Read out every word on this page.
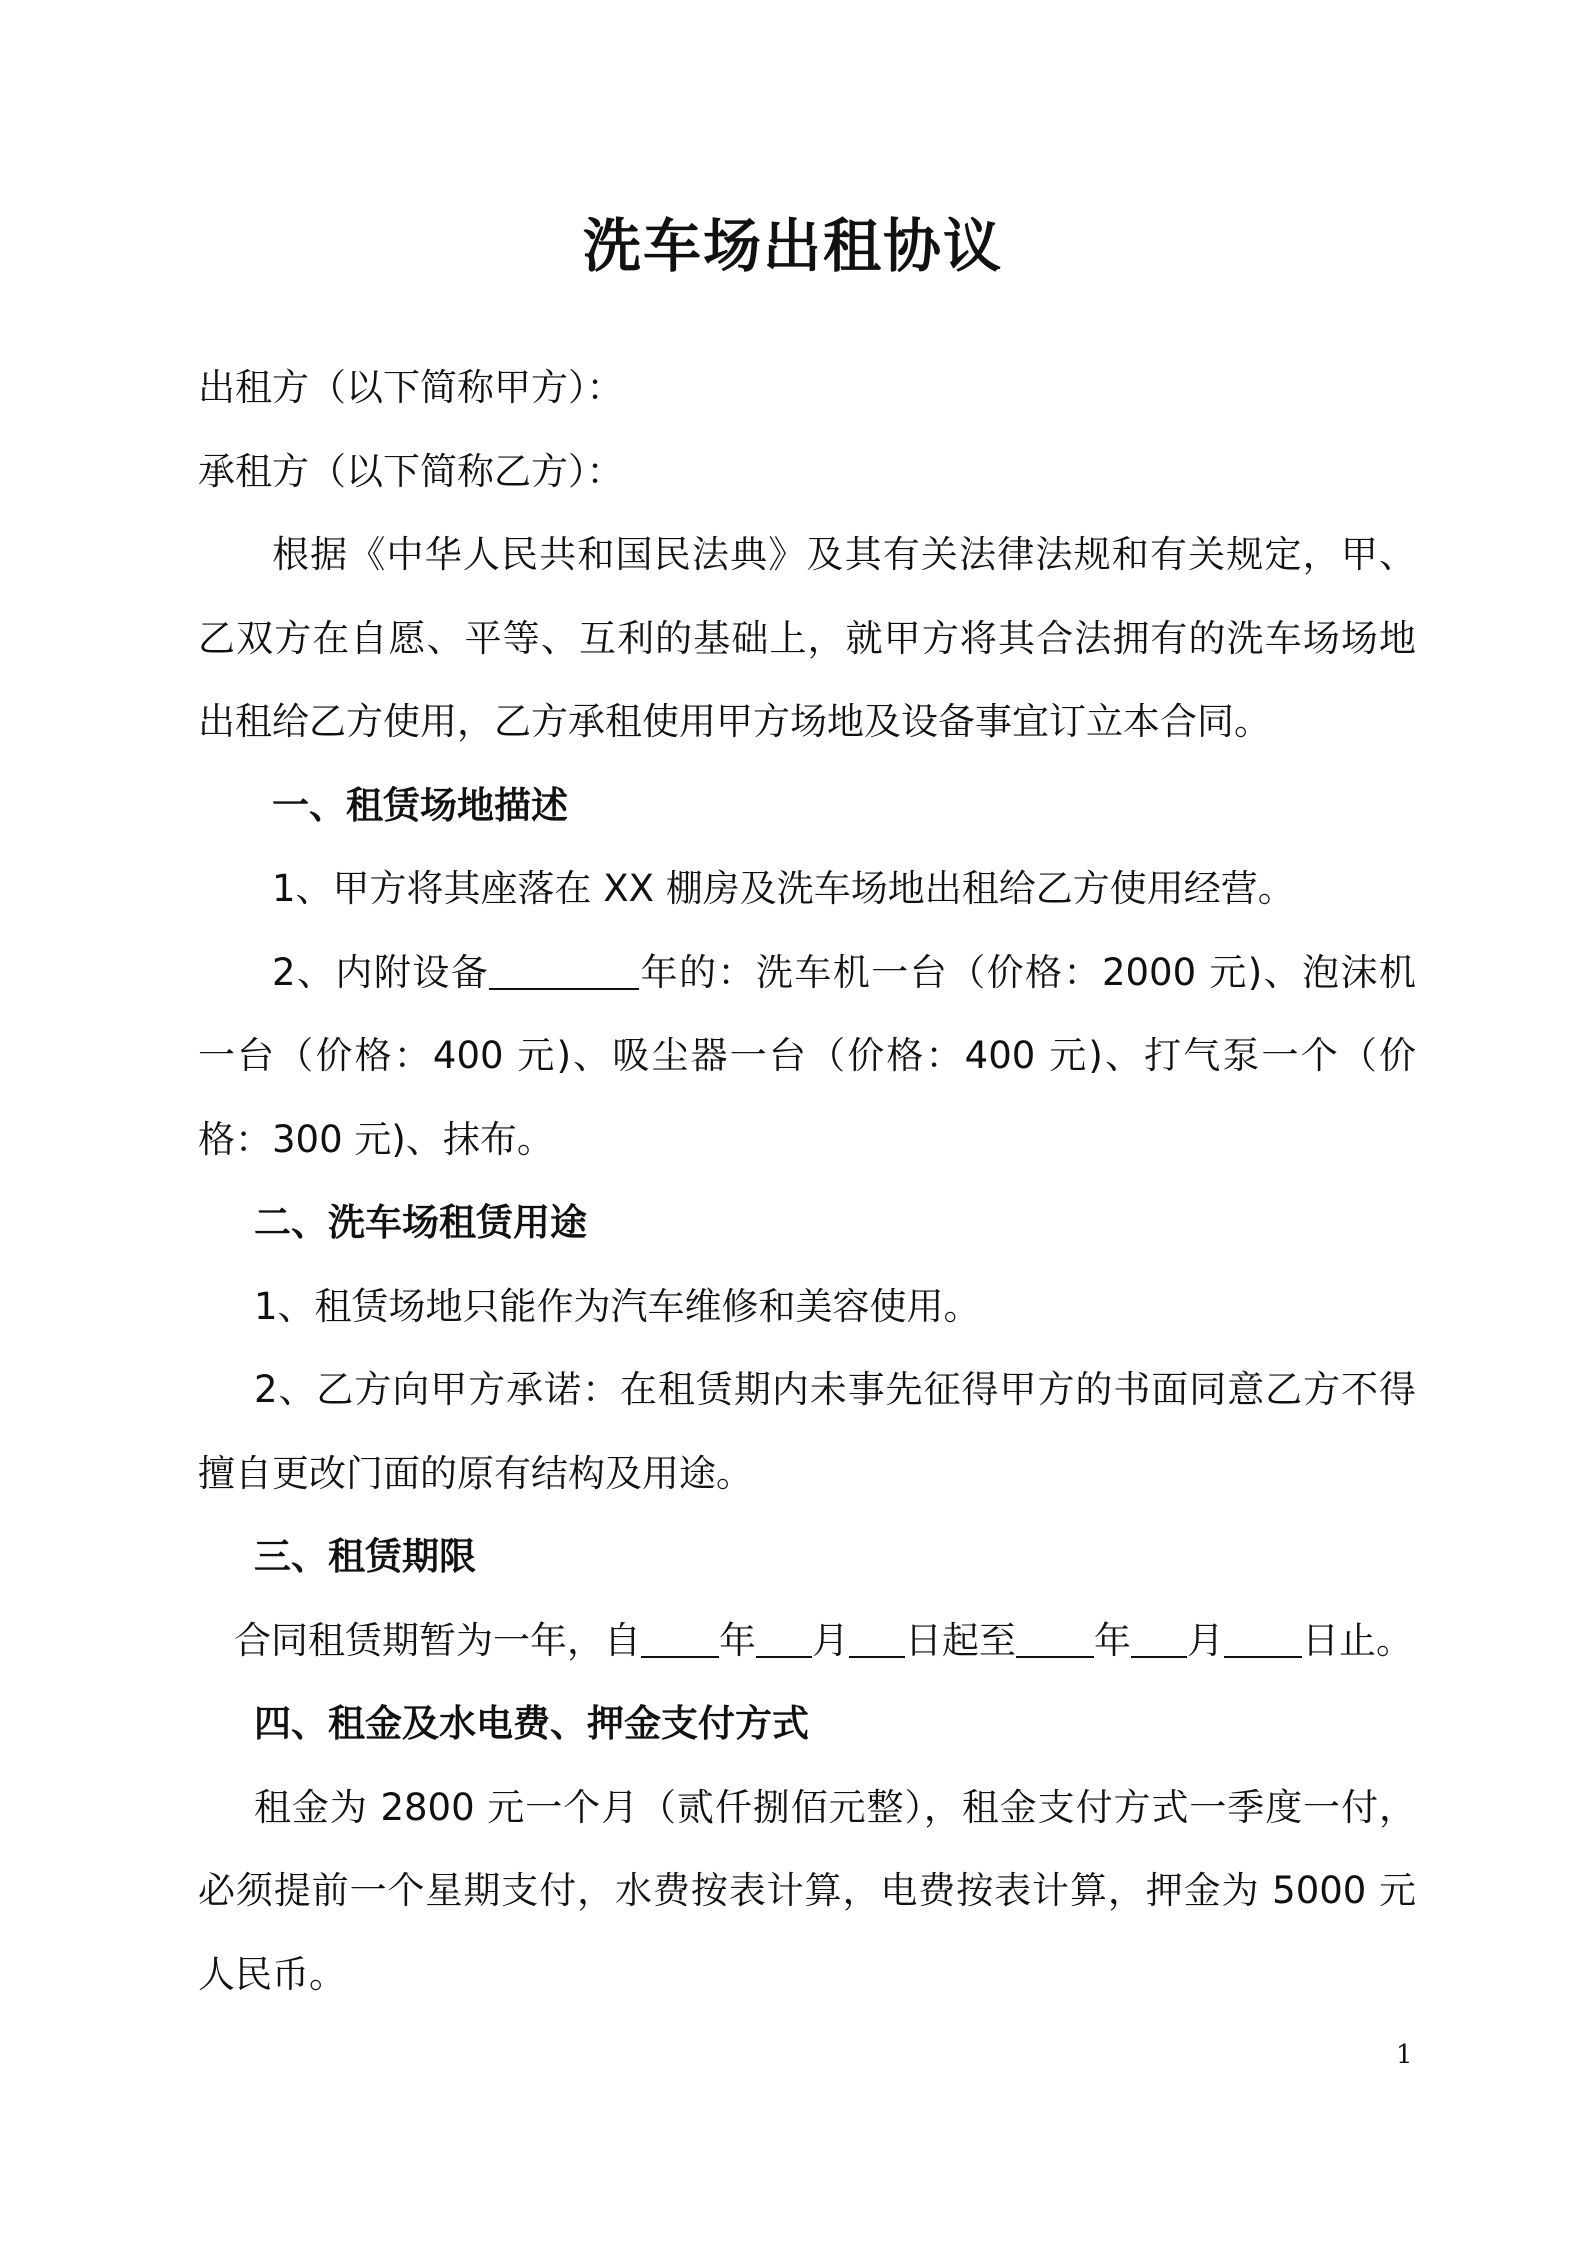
洗车场出租协议

出租方（以下简称甲方）：

承租方（以下简称乙方）：

根据《中华人民共和国民法典》及其有关法律法规和有关规定，甲、乙双方在自愿、平等、互利的基础上，就甲方将其合法拥有的洗车场场地出租给乙方使用，乙方承租使用甲方场地及设备事宜订立本合同。

一、租赁场地描述

1、甲方将其座落在 XX 棚房及洗车场地出租给乙方使用经营。

2、内附设备	年的：洗车机一台（价格：2000 元)、泡沫机一台（价格：400 元)、吸尘器一台（价格：400 元)、打气泵一个（价格：300 元)、抹布。

二、洗车场租赁用途

1、租赁场地只能作为汽车维修和美容使用。

2、乙方向甲方承诺：在租赁期内未事先征得甲方的书面同意乙方不得擅自更改门面的原有结构及用途。

三、租赁期限

合同租赁期暂为一年，自 年 月 日起至 年 月 日止。

四、租金及水电费、押金支付方式

租金为 2800 元一个月（贰仟捌佰元整），租金支付方式一季度一付，必须提前一个星期支付，水费按表计算，电费按表计算，押金为 5000 元人民币。

1
